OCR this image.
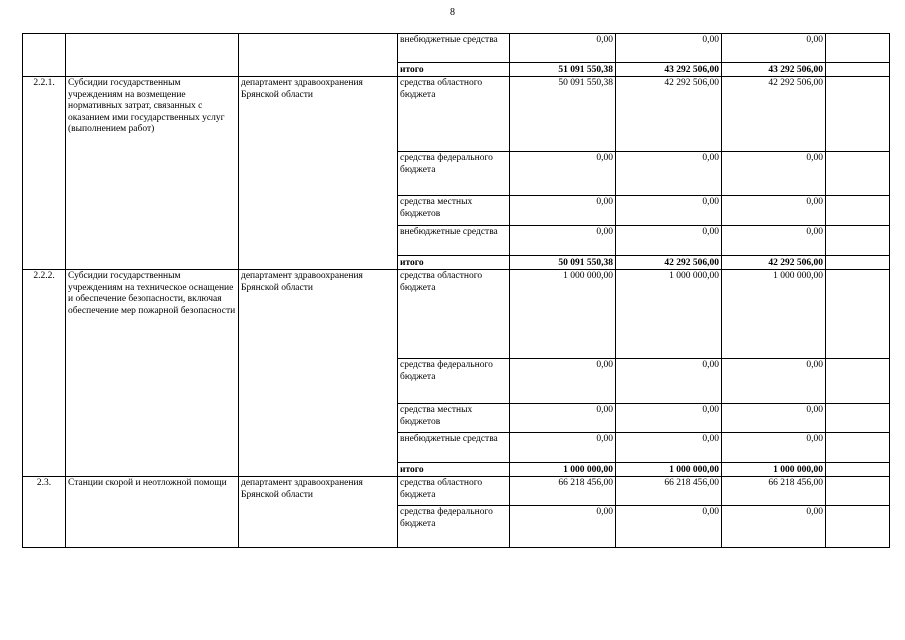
8
			внебюджетные средства	0,00	0,00	0,00	
			итого	51 091 550,38	43 292 506,00	43 292 506,00	
2.2.1.	Субсидии государственным учреждениям на возмещение нормативных затрат, связанных с оказанием ими государственных услуг (выполнением работ)	департамент здравоохранения Брянской области	средства областного бюджета	50 091 550,38	42 292 506,00	42 292 506,00	
			средства федерального бюджета	0,00	0,00	0,00	
			средства местных бюджетов	0,00	0,00	0,00	
			внебюджетные средства	0,00	0,00	0,00	
			итого	50 091 550,38	42 292 506,00	42 292 506,00	
2.2.2.	Субсидии государственным учреждениям на техническое оснащение и обеспечение безопасности, включая обеспечение мер пожарной безопасности	департамент здравоохранения Брянской области	средства областного бюджета	1 000 000,00	1 000 000,00	1 000 000,00	
			средства федерального бюджета	0,00	0,00	0,00	
			средства местных бюджетов	0,00	0,00	0,00	
			внебюджетные средства	0,00	0,00	0,00	
			итого	1 000 000,00	1 000 000,00	1 000 000,00	
2.3.	Станции скорой и неотложной помощи	департамент здравоохранения Брянской области	средства областного бюджета	66 218 456,00	66 218 456,00	66 218 456,00	
			средства федерального бюджета	0,00	0,00	0,00	
